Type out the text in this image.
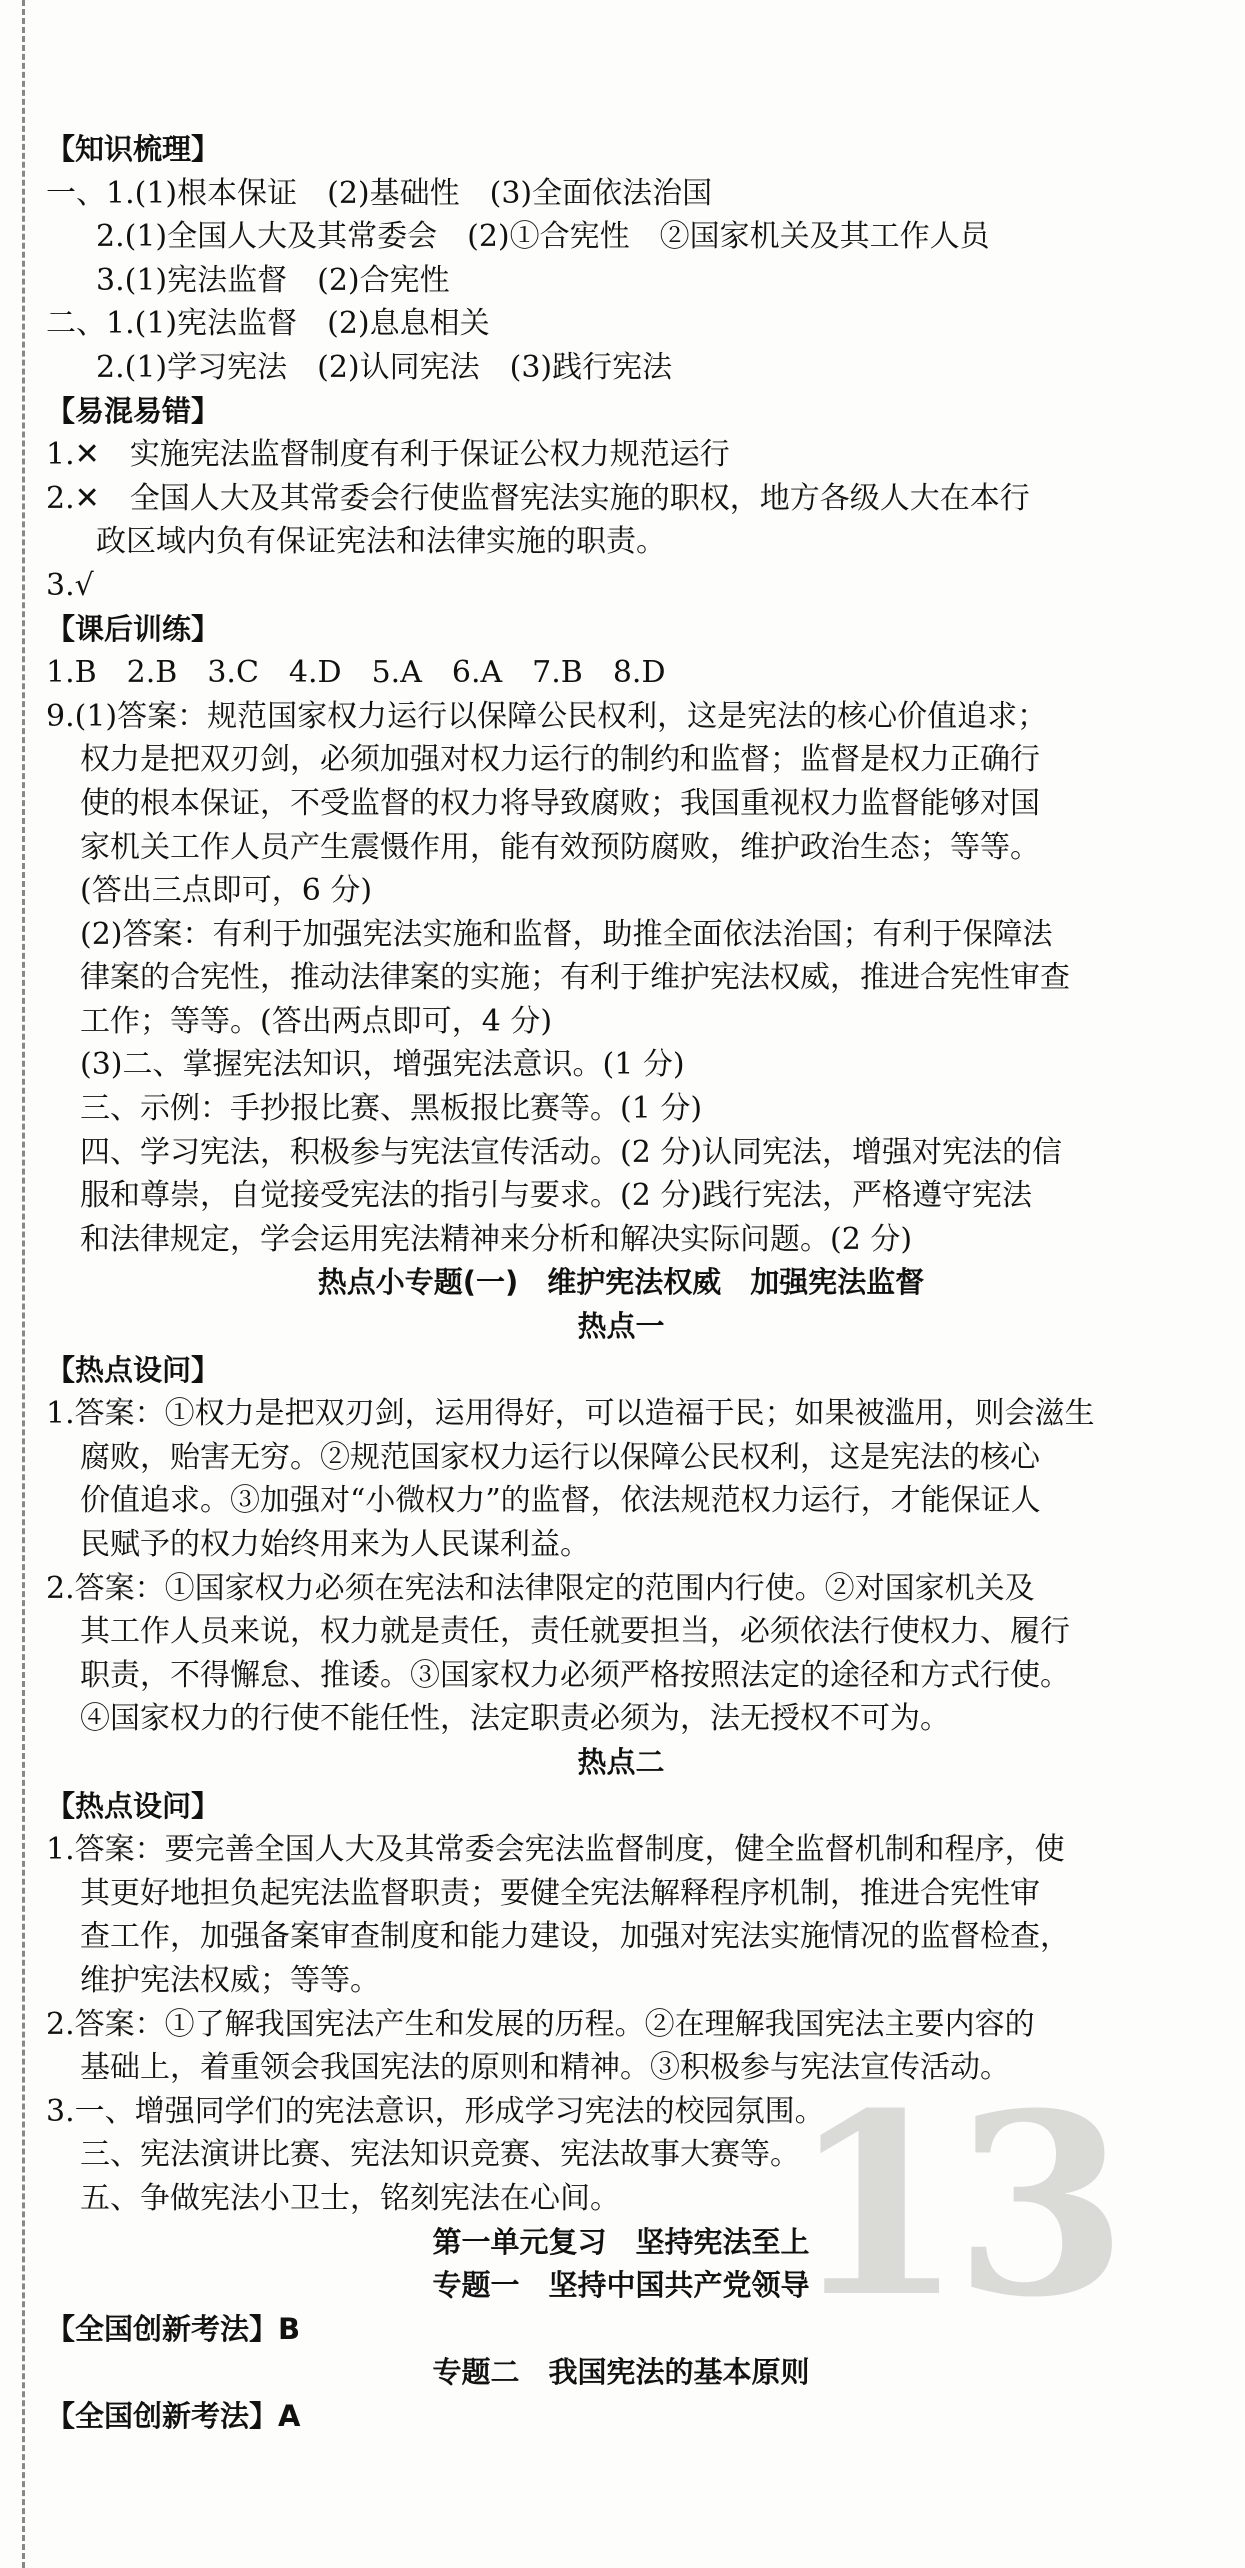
13
【知识梳理】
一、1.(1)根本保证　(2)基础性　(3)全面依法治国
2.(1)全国人大及其常委会　(2)①合宪性　②国家机关及其工作人员
3.(1)宪法监督　(2)合宪性
二、1.(1)宪法监督　(2)息息相关
2.(1)学习宪法　(2)认同宪法　(3)践行宪法
【易混易错】
1.✕　实施宪法监督制度有利于保证公权力规范运行
2.✕　全国人大及其常委会行使监督宪法实施的职权，地方各级人大在本行
政区域内负有保证宪法和法律实施的职责。
3.√
【课后训练】
1.B　2.B　3.C　4.D　5.A　6.A　7.B　8.D
9.(1)答案：规范国家权力运行以保障公民权利，这是宪法的核心价值追求；
权力是把双刃剑，必须加强对权力运行的制约和监督；监督是权力正确行
使的根本保证，不受监督的权力将导致腐败；我国重视权力监督能够对国
家机关工作人员产生震慑作用，能有效预防腐败，维护政治生态；等等。
(答出三点即可，6 分)
(2)答案：有利于加强宪法实施和监督，助推全面依法治国；有利于保障法
律案的合宪性，推动法律案的实施；有利于维护宪法权威，推进合宪性审查
工作；等等。(答出两点即可，4 分)
(3)二、掌握宪法知识，增强宪法意识。(1 分)
三、示例：手抄报比赛、黑板报比赛等。(1 分)
四、学习宪法，积极参与宪法宣传活动。(2 分)认同宪法，增强对宪法的信
服和尊崇，自觉接受宪法的指引与要求。(2 分)践行宪法，严格遵守宪法
和法律规定，学会运用宪法精神来分析和解决实际问题。(2 分)
热点小专题(一)　维护宪法权威　加强宪法监督
热点一
【热点设问】
1.答案：①权力是把双刃剑，运用得好，可以造福于民；如果被滥用，则会滋生
腐败，贻害无穷。②规范国家权力运行以保障公民权利，这是宪法的核心
价值追求。③加强对“小微权力”的监督，依法规范权力运行，才能保证人
民赋予的权力始终用来为人民谋利益。
2.答案：①国家权力必须在宪法和法律限定的范围内行使。②对国家机关及
其工作人员来说，权力就是责任，责任就要担当，必须依法行使权力、履行
职责，不得懈怠、推诿。③国家权力必须严格按照法定的途径和方式行使。
④国家权力的行使不能任性，法定职责必须为，法无授权不可为。
热点二
【热点设问】
1.答案：要完善全国人大及其常委会宪法监督制度，健全监督机制和程序，使
其更好地担负起宪法监督职责；要健全宪法解释程序机制，推进合宪性审
查工作，加强备案审查制度和能力建设，加强对宪法实施情况的监督检查，
维护宪法权威；等等。
2.答案：①了解我国宪法产生和发展的历程。②在理解我国宪法主要内容的
基础上，着重领会我国宪法的原则和精神。③积极参与宪法宣传活动。
3.一、增强同学们的宪法意识，形成学习宪法的校园氛围。
三、宪法演讲比赛、宪法知识竞赛、宪法故事大赛等。
五、争做宪法小卫士，铭刻宪法在心间。
第一单元复习　坚持宪法至上
专题一　坚持中国共产党领导
【全国创新考法】B
专题二　我国宪法的基本原则
【全国创新考法】A
